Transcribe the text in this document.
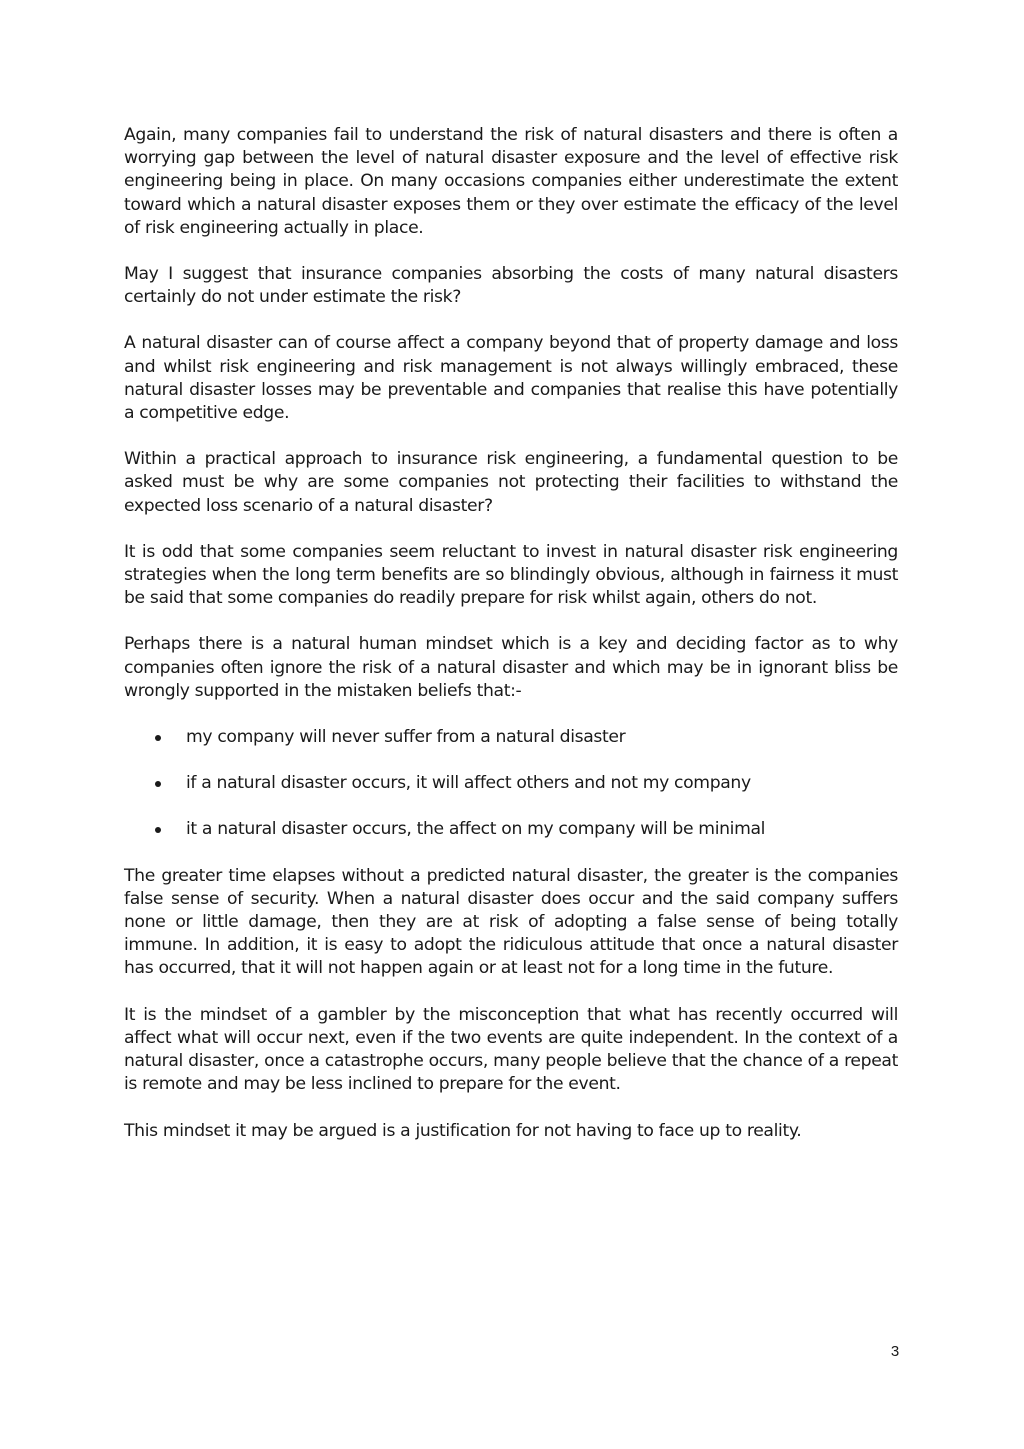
Again, many companies fail to understand the risk of natural disasters and there is often a worrying gap between the level of natural disaster exposure and the level of effective risk engineering being in place. On many occasions companies either underestimate the extent toward which a natural disaster exposes them or they over estimate the efficacy of the level of risk engineering actually in place.

May I suggest that insurance companies absorbing the costs of many natural disasters certainly do not under estimate the risk?

A natural disaster can of course affect a company beyond that of property damage and loss and whilst risk engineering and risk management is not always willingly embraced, these natural disaster losses may be preventable and companies that realise this have potentially a competitive edge.

Within a practical approach to insurance risk engineering, a fundamental question to be asked must be why are some companies not protecting their facilities to withstand the expected loss scenario of a natural disaster?

It is odd that some companies seem reluctant to invest in natural disaster risk engineering strategies when the long term benefits are so blindingly obvious, although in fairness it must be said that some companies do readily prepare for risk whilst again, others do not.

Perhaps there is a natural human mindset which is a key and deciding factor as to why companies often ignore the risk of a natural disaster and which may be in ignorant bliss be wrongly supported in the mistaken beliefs that:-

my company will never suffer from a natural disaster
if a natural disaster occurs, it will affect others and not my company
it a natural disaster occurs, the affect on my company will be minimal

The greater time elapses without a predicted natural disaster, the greater is the companies false sense of security. When a natural disaster does occur and the said company suffers none or little damage, then they are at risk of adopting a false sense of being totally immune. In addition, it is easy to adopt the ridiculous attitude that once a natural disaster has occurred, that it will not happen again or at least not for a long time in the future.

It is the mindset of a gambler by the misconception that what has recently occurred will affect what will occur next, even if the two events are quite independent. In the context of a natural disaster, once a catastrophe occurs, many people believe that the chance of a repeat is remote and may be less inclined to prepare for the event.

This mindset it may be argued is a justification for not having to face up to reality.

3
